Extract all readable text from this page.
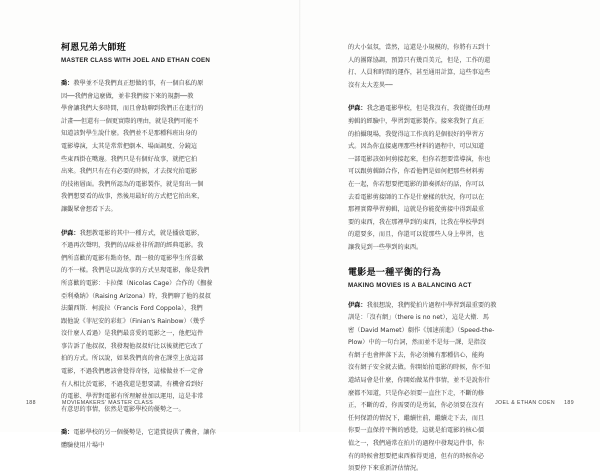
柯恩兄弟大師班
MASTER CLASS WITH JOEL AND ETHAN COEN

喬：教學並不是我們真正想做的事，有一個自私的原

因──我們會這麼做，並非我們接下來的規劃──教

學會讓我們大多時間，而且會助聊到我們正在進行的

計畫──但還有一個更實際的理由，就是我們可能不

知道該對學生說什麼。我們並不是那種科班出身的

電影導演，太其是常常把劇本、場面調度、分鏡這

些東西掛在嘴邊。我們只是有個好故事，就把它拍

出來。我們只有在有必要的時候，才去探究拍電影

的技術層面。我們所認為的電影製作，就是寫出一個

我們想要看的故事，然後用最好的方式把它拍出來，

讓觀眾會想看下去。

伊森：我想教電影的其中一種方式，就是播放電影，

不過再次聲明，我們的品味並非所謂的經典電影。我

們所喜歡的電影有點奇怪，跟一般的電影學生所喜歡

的不一樣。我們是以說故事的方式呈現電影，像是我們

所喜歡的電影：卡拉傑（Nicolas Cage）合作的《撫養

亞利桑納》（Raising Arizona）時，我們聊了他的叔叔

法蘭西斯．柯波拉（Francis Ford Coppola），我們

跟他說《菲尼安的彩虹》（Finian's Rainbow）（幾乎

沒什麼人看過）是我們最喜愛的電影之一，他把這件

事告訴了他叔叔，我發現他叔叔好比以後就把它改了

拍的方式。所以說，如果我們真的會在課堂上放這部

電影，不過我們應該會覺得奇怪，這樣做並不一定會

有人相比於電影，不過我還是想要講，有機會看到好

的電影、學習對電影有所理解並加以運用，這是非常

有意思的事情，依然是電影學校的優勢之一。

喬：電影學校的另一個優勢是，它還賞提供了機會，讓你

體驗使用片場中

188	MOVIEMAKERS' MASTER CLASS

的大小氣氛，當然，這還是小規模的，你將有五到十

人的團隊協調，預算只有幾百美元，但是，工作的還

打、人員和時間的運作，甚至通用計算，這些事這些

沒有太大差異──

伊森：我念過電影學校，但是我沒有，我從擔任助理

剪輯的經驗中，學習到電影製作。接來我對了真正

的拍攝現場，我覺得這工作真的是個很好的學習方

式。因為你直接處理那些材料的過程中，可以知道

一部電影該如何剪接起來，但你若想要當導演，你也

可以跟剪輯師合作，你看他們是如何把那些材料剪

在一起，你若想要把電影的節奏抓好的話，你可以

去看電影剪接師的工作是什麼樣的狀況，你可以在

那裡實際學習剪輯，這就是你能從剪接中得到最重

要的東西，我在那裡學到的東西，比我在學校學到

的還要多，而且，你還可以從那些人身上學習，也

讓我見到一些學到的東西。

電影是一種平衡的行為
MAKING MOVIES IS A BALANCING ACT

伊森：我很想說，我們從拍片過程中學習到最重要的教

訓是：「沒有網」（there is no net），這是大衛．馬

密（David Mamet）劇作《加速前進》（Speed-the-

Plow）中的一句台詞，然而並不是每一課，是指沒

有網子也會摔落下去，你必須擁有那種信心，能夠

沒有網子安全就去做。你開始拍電影的時候，你不知

道結局會是什麼，你開始做某件事情，並不是說你什

麼都不知道，只是你必須要一直往下走，不斷的修

正，不斷的看，你需要的是勇氣，你必須要在沒有

任何保證的情況下，繼續往前，繼續走下去，而且

你要一直保持平衡的感覺，這就是拍電影的核心價

值之一，我們通常在拍片的過程中發現這件事，你

有的時候會想要把東西推得更遠，但有的時候你必

須要停下來重新評估情況。

JOEL & ETHAN COEN 189
